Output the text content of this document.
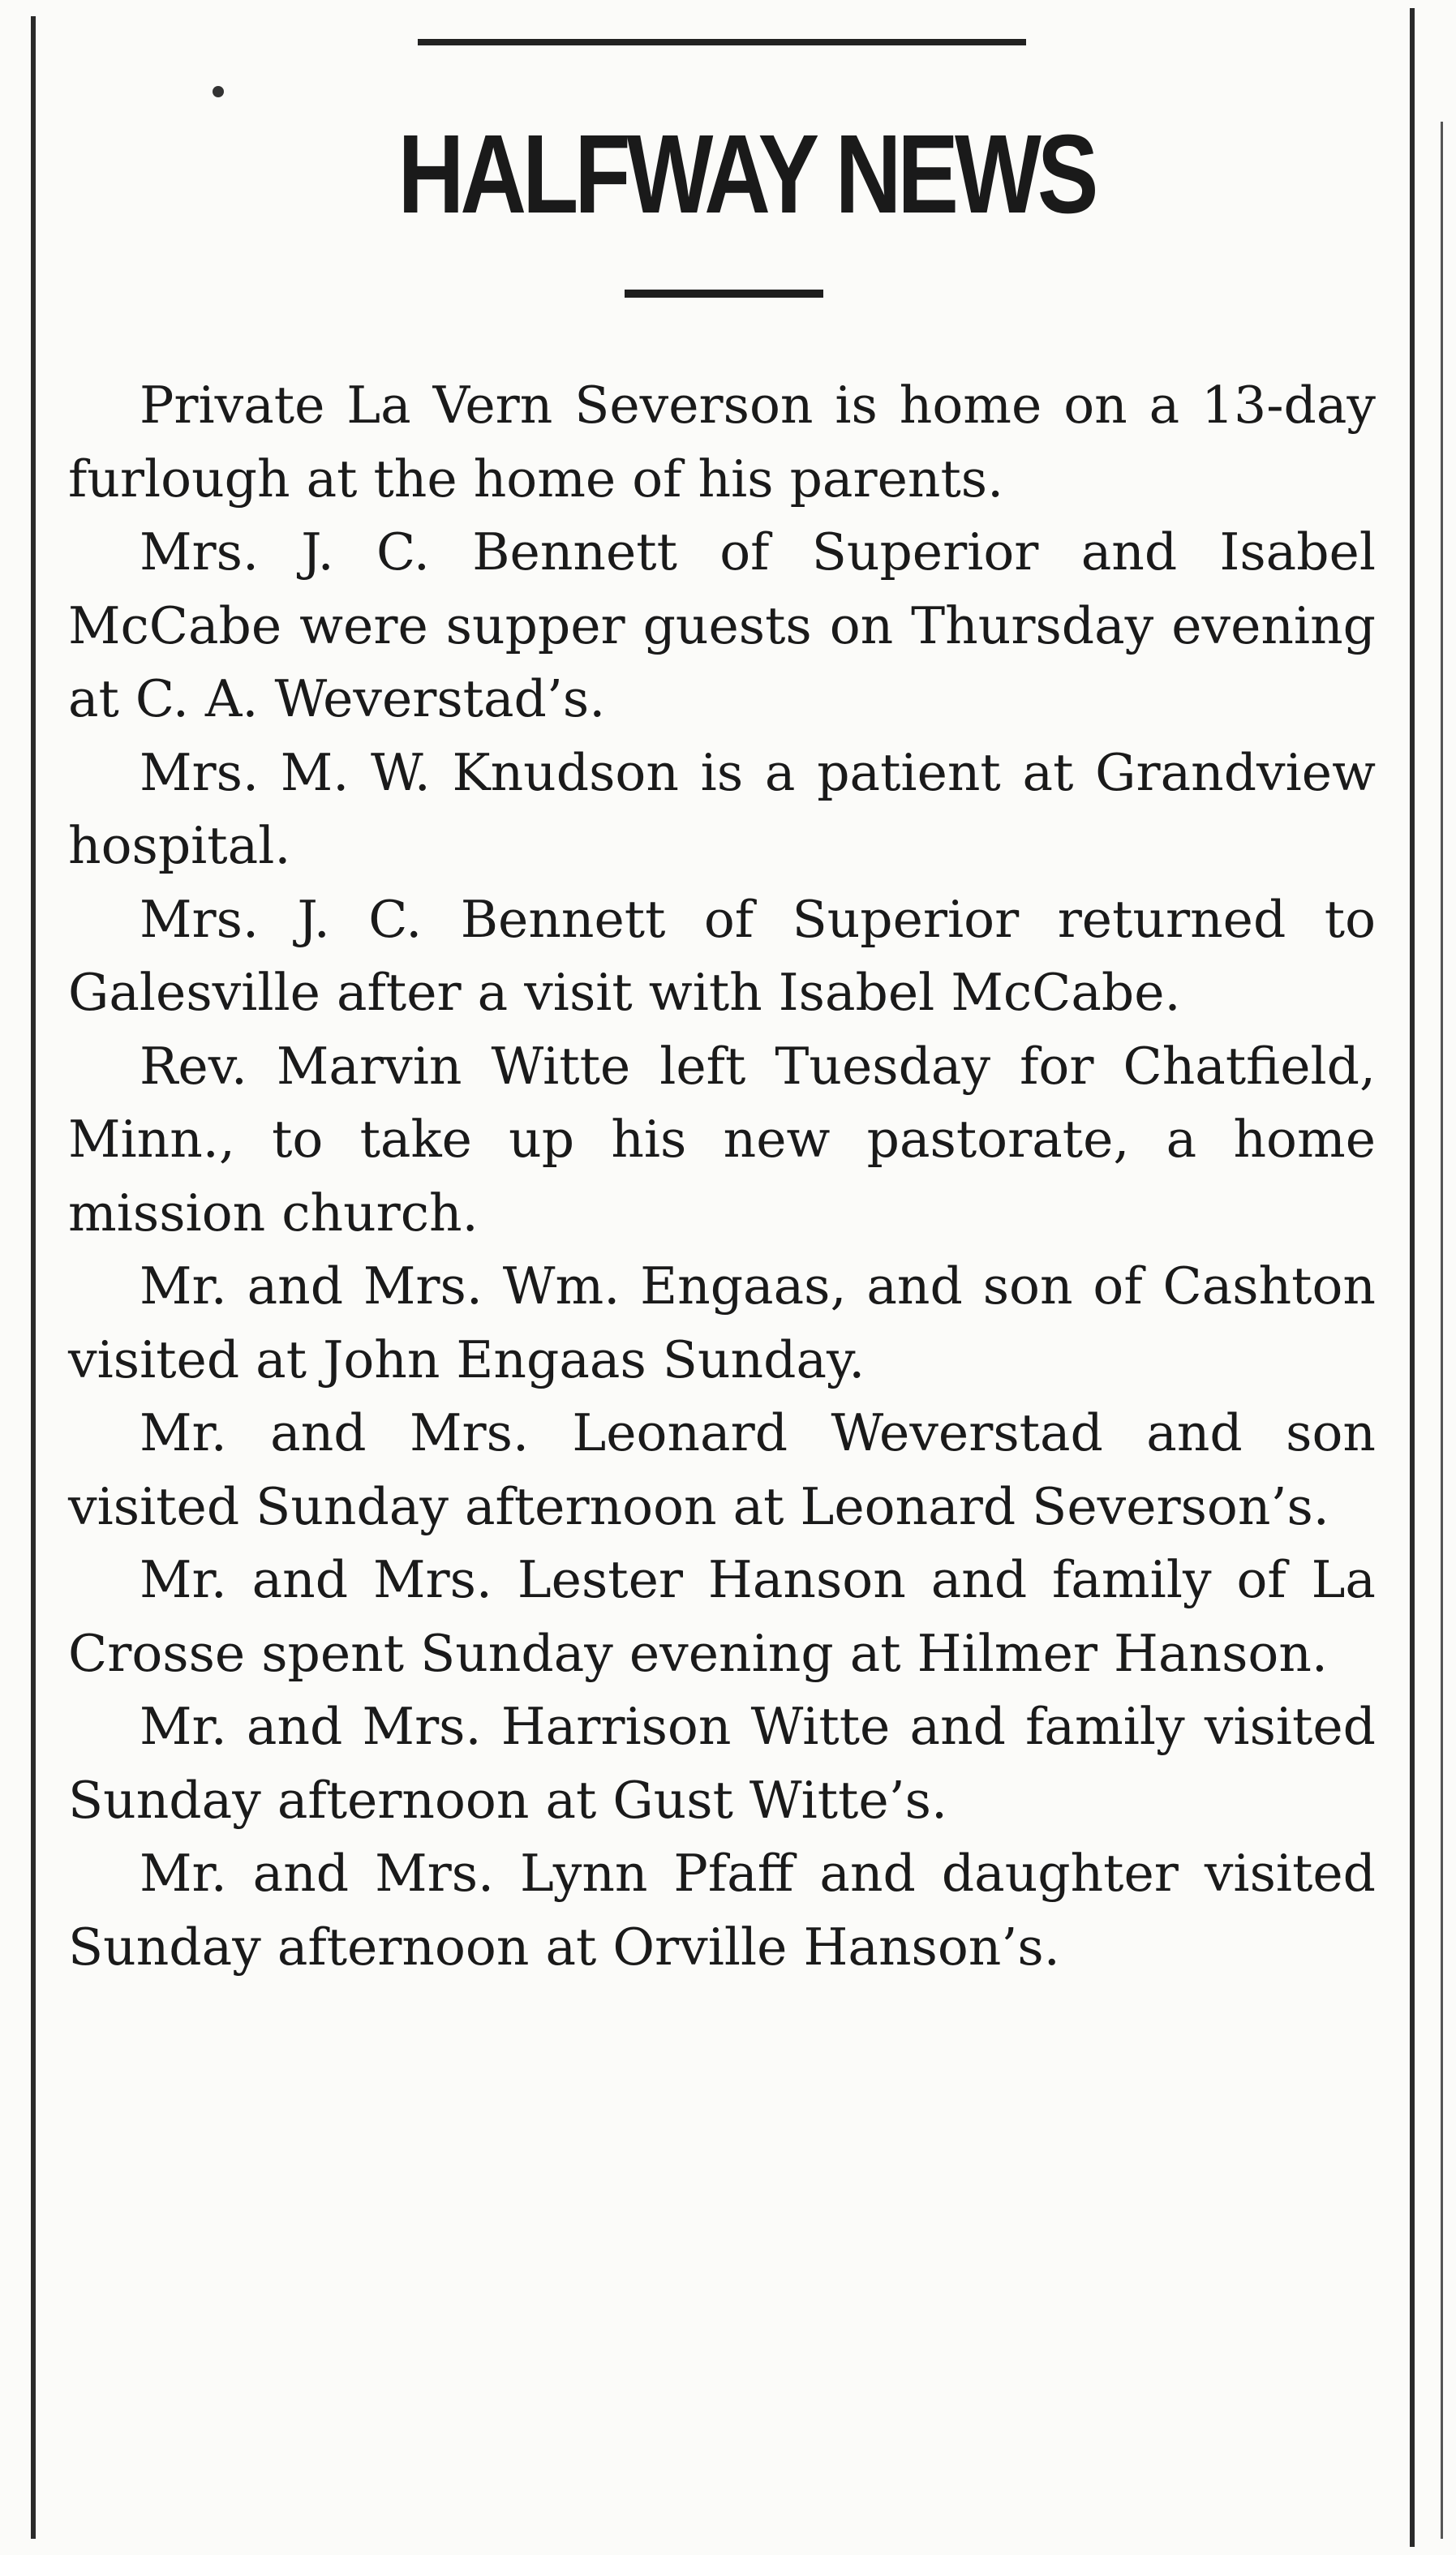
HALFWAY NEWS

Private La Vern Severson is home on a 13-day furlough at the home of his parents.

Mrs. J. C. Bennett of Superior and Isabel McCabe were supper guests on Thursday evening at C. A. Weverstad’s.

Mrs. M. W. Knudson is a patient at Grandview hospital.

Mrs. J. C. Bennett of Superior returned to Galesville after a visit with Isabel McCabe.

Rev. Marvin Witte left Tuesday for Chatfield, Minn., to take up his new pastorate, a home mission church.

Mr. and Mrs. Wm. Engaas, and son of Cashton visited at John Engaas Sunday.

Mr. and Mrs. Leonard Weverstad and son visited Sunday afternoon at Leonard Severson’s.

Mr. and Mrs. Lester Hanson and family of La Crosse spent Sunday evening at Hilmer Hanson.

Mr. and Mrs. Harrison Witte and family visited Sunday afternoon at Gust Witte’s.

Mr. and Mrs. Lynn Pfaff and daughter visited Sunday afternoon at Orville Hanson’s.
